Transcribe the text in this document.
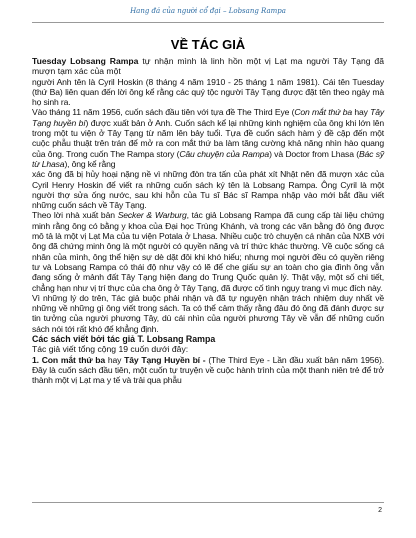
Hang đá của người cổ đại – Lobsang Rampa
VỀ TÁC GIẢ

Tuesday Lobsang Rampa tự nhận mình là linh hồn một vị Lạt ma người Tây Tạng đã mượn tạm xác của một

người Anh tên là Cyril Hoskin (8 tháng 4 năm 1910 - 25 tháng 1 năm 1981). Cái tên Tuesday (thứ Ba) liên quan đến lời ông kể rằng các quý tộc người Tây Tạng được đặt tên theo ngày mà họ sinh ra.

Vào tháng 11 năm 1956, cuốn sách đầu tiên với tựa đề The Third Eye (Con mắt thứ ba hay Tây Tạng huyền bí) được xuất bản ở Anh. Cuốn sách kể lại những kinh nghiệm của ông khi lớn lên trong một tu viện ở Tây Tạng từ năm lên bảy tuổi. Tựa đề cuốn sách hàm ý đề cập đến một cuộc phẫu thuật trên trán để mở ra con mắt thứ ba làm tăng cường khả năng nhìn hào quang của ông. Trong cuốn The Rampa story (Câu chuyện của Rampa) và Doctor from Lhasa (Bác sỹ từ Lhasa), ông kể rằng

xác ông đã bị hủy hoại nặng nề vì những đòn tra tấn của phát xít Nhật nên đã mượn xác của Cyril Henry Hoskin để viết ra những cuốn sách ký tên là Lobsang Rampa. Ông Cyril là một người thợ sửa ống nước, sau khi hỗn của Tu sĩ Bác sĩ Rampa nhập vào mới bắt đầu viết những cuốn sách về Tây Tạng.

Theo lời nhà xuất bản Secker & Warburg, tác giả Lobsang Rampa đã cung cấp tài liệu chứng minh rằng ông có bằng y khoa của Đại học Trùng Khánh, và trong các văn bằng đó ông được mô tả là một vị Lạt Ma của tu viện Potala ở Lhasa. Nhiều cuộc trò chuyện cá nhân của NXB với ông đã chứng minh ông là một người có quyền năng và trí thức khác thường. Về cuộc sống cá nhân của mình, ông thể hiện sự dè dặt đôi khi khó hiểu; nhưng mọi người đều có quyền riêng tư và Lobsang Rampa có thái độ như vậy có lẽ để che giấu sự an toàn cho gia đình ông vẫn đang sống ở mảnh đất Tây Tạng hiện đang do Trung Quốc quản lý. Thật vậy, một số chi tiết, chẳng hạn như vị trí thực của cha ông ở Tây Tạng, đã được cố tình ngụy trang vì mục đích này.

Vì những lý do trên, Tác giả buộc phải nhận và đã tự nguyện nhận trách nhiệm duy nhất về những về những gì ông viết trong sách. Ta có thể cảm thấy rằng đâu đó ông đã đánh được sự tin tưởng của người phương Tây, dù cái nhìn của người phương Tây về vẫn để những cuốn sách nói tới rất khó để khẳng định.

Các sách viết bởi tác giả T. Lobsang Rampa

Tác giả viết tổng cộng 19 cuốn dưới đây:

1. Con mắt thứ ba hay Tây Tạng Huyền bí - (The Third Eye - Lần đầu xuất bản năm 1956). Đây là cuốn sách đầu tiên, một cuốn tự truyện về cuộc hành trình của một thanh niên trẻ để trở thành một vị Lạt ma y tế và trải qua phẫu

2
